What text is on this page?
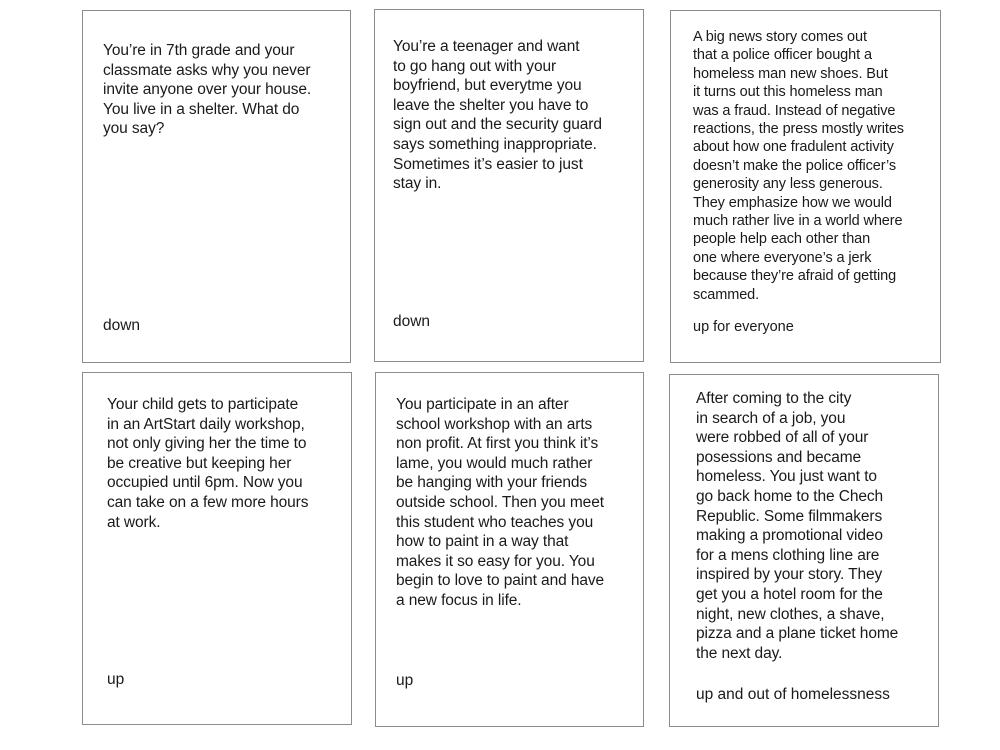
You’re in 7th grade and your
classmate asks why you never
invite anyone over your house.
You live in a shelter. What do
you say?

down

You’re a teenager and want
to go hang out with your
boyfriend, but everytme you
leave the shelter you have to
sign out and the security guard
says something inappropriate.
Sometimes it’s easier to just
stay in.

down

A big news story comes out
that a police officer bought a
homeless man new shoes. But
it turns out this homeless man
was a fraud. Instead of negative
reactions, the press mostly writes
about how one fradulent activity
doesn’t make the police officer’s
generosity any less generous.
They emphasize how we would
much rather live in a world where
people help each other than
one where everyone’s a jerk
because they’re afraid of getting
scammed.

up for everyone

Your child gets to participate
in an ArtStart daily workshop,
not only giving her the time to
be creative but keeping her
occupied until 6pm. Now you
can take on a few more hours
at work.

up

You participate in an after
school workshop with an arts
non profit. At first you think it’s
lame, you would much rather
be hanging with your friends
outside school. Then you meet
this student who teaches you
how to paint in a way that
makes it so easy for you. You
begin to love to paint and have
a new focus in life.

up

After coming to the city
in search of a job, you
were robbed of all of your
posessions and became
homeless. You just want to
go back home to the Chech
Republic. Some filmmakers
making a promotional video
for a mens clothing line are
inspired by your story. They
get you a hotel room for the
night, new clothes, a shave,
pizza and a plane ticket home
the next day.

up and out of homelessness
